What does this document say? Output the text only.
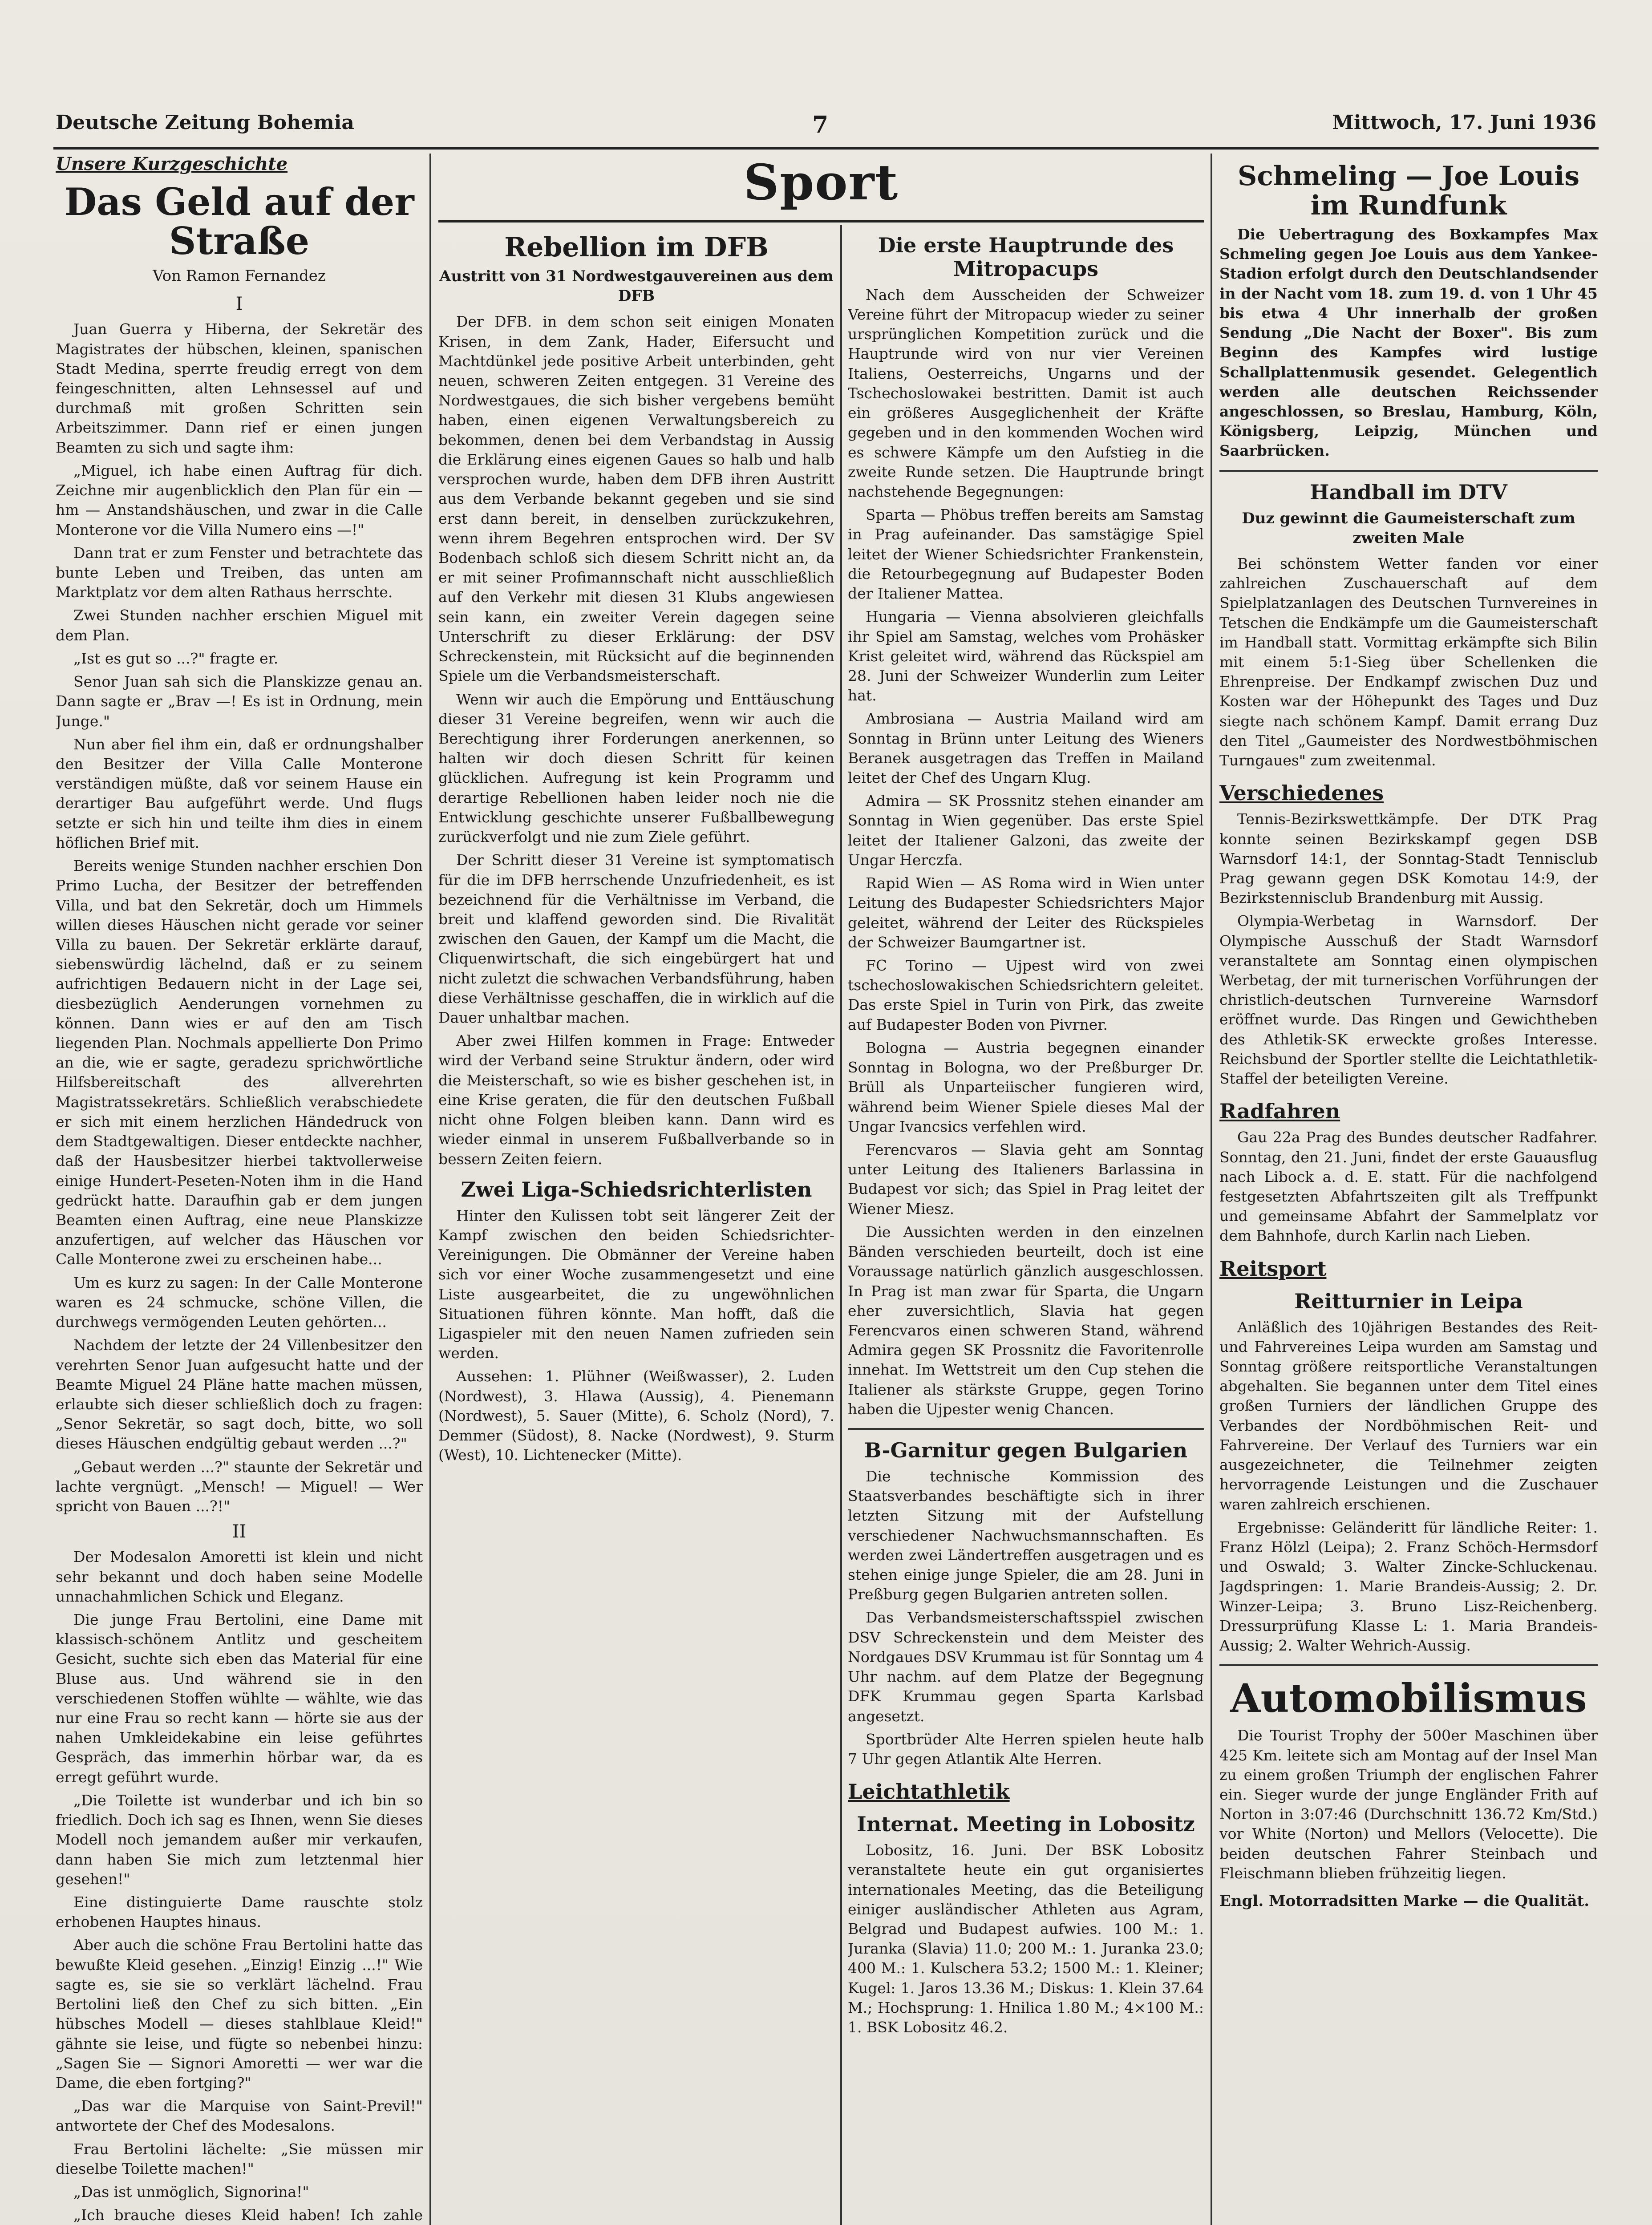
Deutsche Zeitung Bohemia	7	Mittwoch, 17. Juni 1936
Unsere Kurzgeschichte
Das Geld auf der Straße
Von Ramon Fernandez
I
Juan Guerra y Hiberna, der Sekretär des Magistrates der hübschen, kleinen, spanischen Stadt Medina, sperrte freudig erregt von dem feingeschnitten, alten Lehnsessel auf und durchmaß mit großen Schritten sein Arbeitszimmer. Dann rief er einen jungen Beamten zu sich und sagte ihm:
„Miguel, ich habe einen Auftrag für dich. Zeichne mir augenblicklich den Plan für ein — hm — Anstandshäuschen, und zwar in die Calle Monterone vor die Villa Numero eins —!"
Dann trat er zum Fenster und betrachtete das bunte Leben und Treiben, das unten am Marktplatz vor dem alten Rathaus herrschte.
Zwei Stunden nachher erschien Miguel mit dem Plan.
„Ist es gut so ...?" fragte er.
Senor Juan sah sich die Planskizze genau an. Dann sagte er „Brav —! Es ist in Ordnung, mein Junge."
Nun aber fiel ihm ein, daß er ordnungshalber den Besitzer der Villa Calle Monterone verständigen müßte, daß vor seinem Hause ein derartiger Bau aufgeführt werde. Und flugs setzte er sich hin und teilte ihm dies in einem höflichen Brief mit.
Bereits wenige Stunden nachher erschien Don Primo Lucha, der Besitzer der betreffenden Villa, und bat den Sekretär, doch um Himmels willen dieses Häuschen nicht gerade vor seiner Villa zu bauen. Der Sekretär erklärte darauf, siebenswürdig lächelnd, daß er zu seinem aufrichtigen Bedauern nicht in der Lage sei, diesbezüglich Aenderungen vornehmen zu können. Dann wies er auf den am Tisch liegenden Plan. Nochmals appellierte Don Primo an die, wie er sagte, geradezu sprichwörtliche Hilfsbereitschaft des allverehrten Magistratssekretärs. Schließlich verabschiedete er sich mit einem herzlichen Händedruck von dem Stadtgewaltigen. Dieser entdeckte nachher, daß der Hausbesitzer hierbei taktvollerweise einige Hundert-Peseten-Noten ihm in die Hand gedrückt hatte. Daraufhin gab er dem jungen Beamten einen Auftrag, eine neue Planskizze anzufertigen, auf welcher das Häuschen vor Calle Monterone zwei zu erscheinen habe...
Um es kurz zu sagen: In der Calle Monterone waren es 24 schmucke, schöne Villen, die durchwegs vermögenden Leuten gehörten...
Nachdem der letzte der 24 Villenbesitzer den verehrten Senor Juan aufgesucht hatte und der Beamte Miguel 24 Pläne hatte machen müssen, erlaubte sich dieser schließlich doch zu fragen: „Senor Sekretär, so sagt doch, bitte, wo soll dieses Häuschen endgültig gebaut werden ...?"
„Gebaut werden ...?" staunte der Sekretär und lachte vergnügt. „Mensch! — Miguel! — Wer spricht von Bauen ...?!"
II
Der Modesalon Amoretti ist klein und nicht sehr bekannt und doch haben seine Modelle unnachahmlichen Schick und Eleganz.
Die junge Frau Bertolini, eine Dame mit klassisch-schönem Antlitz und gescheitem Gesicht, suchte sich eben das Material für eine Bluse aus. Und während sie in den verschiedenen Stoffen wühlte — wählte, wie das nur eine Frau so recht kann — hörte sie aus der nahen Umkleidekabine ein leise geführtes Gespräch, das immerhin hörbar war, da es erregt geführt wurde.
„Die Toilette ist wunderbar und ich bin so friedlich. Doch ich sag es Ihnen, wenn Sie dieses Modell noch jemandem außer mir verkaufen, dann haben Sie mich zum letztenmal hier gesehen!"
Eine distinguierte Dame rauschte stolz erhobenen Hauptes hinaus.
Aber auch die schöne Frau Bertolini hatte das bewußte Kleid gesehen. „Einzig! Einzig ...!" Wie sagte es, sie sie so verklärt lächelnd. Frau Bertolini ließ den Chef zu sich bitten. „Ein hübsches Modell — dieses stahlblaue Kleid!" gähnte sie leise, und fügte so nebenbei hinzu: „Sagen Sie — Signori Amoretti — wer war die Dame, die eben fortging?"
„Das war die Marquise von Saint-Previl!" antwortete der Chef des Modesalons.
Frau Bertolini lächelte: „Sie müssen mir dieselbe Toilette machen!"
„Das ist unmöglich, Signorina!"
„Ich brauche dieses Kleid haben! Ich zahle
Sport
Rebellion im DFB
Austritt von 31 Nordwestgauvereinen aus dem DFB
Der DFB. in dem schon seit einigen Monaten Krisen, in dem Zank, Hader, Eifersucht und Machtdünkel jede positive Arbeit unterbinden, geht neuen, schweren Zeiten entgegen. 31 Vereine des Nordwestgaues, die sich bisher vergebens bemüht haben, einen eigenen Verwaltungsbereich zu bekommen, denen bei dem Verbandstag in Aussig die Erklärung eines eigenen Gaues so halb und halb versprochen wurde, haben dem DFB ihren Austritt aus dem Verbande bekannt gegeben und sie sind erst dann bereit, in denselben zurückzukehren, wenn ihrem Begehren entsprochen wird. Der SV Bodenbach schloß sich diesem Schritt nicht an, da er mit seiner Profimannschaft nicht ausschließlich auf den Verkehr mit diesen 31 Klubs angewiesen sein kann, ein zweiter Verein dagegen seine Unterschrift zu dieser Erklärung: der DSV Schreckenstein, mit Rücksicht auf die beginnenden Spiele um die Verbandsmeisterschaft.
Wenn wir auch die Empörung und Enttäuschung dieser 31 Vereine begreifen, wenn wir auch die Berechtigung ihrer Forderungen anerkennen, so halten wir doch diesen Schritt für keinen glücklichen. Aufregung ist kein Programm und derartige Rebellionen haben leider noch nie die Entwicklung geschichte unserer Fußballbewegung zurückverfolgt und nie zum Ziele geführt.
Der Schritt dieser 31 Vereine ist symptomatisch für die im DFB herrschende Unzufriedenheit, es ist bezeichnend für die Verhältnisse im Verband, die breit und klaffend geworden sind. Die Rivalität zwischen den Gauen, der Kampf um die Macht, die Cliquenwirtschaft, die sich eingebürgert hat und nicht zuletzt die schwachen Verbandsführung, haben diese Verhältnisse geschaffen, die in wirklich auf die Dauer unhaltbar machen.
Aber zwei Hilfen kommen in Frage: Entweder wird der Verband seine Struktur ändern, oder wird die Meisterschaft, so wie es bisher geschehen ist, in eine Krise geraten, die für den deutschen Fußball nicht ohne Folgen bleiben kann. Dann wird es wieder einmal in unserem Fußballverbande so in bessern Zeiten feiern.
Zwei Liga-Schiedsrichterlisten
Hinter den Kulissen tobt seit längerer Zeit der Kampf zwischen den beiden Schiedsrichter-Vereinigungen. Die Obmänner der Vereine haben sich vor einer Woche zusammengesetzt und eine Liste ausgearbeitet, die zu ungewöhnlichen Situationen führen könnte. Man hofft, daß die Ligaspieler mit den neuen Namen zufrieden sein werden.
Aussehen: 1. Plühner (Weißwasser), 2. Luden (Nordwest), 3. Hlawa (Aussig), 4. Pienemann (Nordwest), 5. Sauer (Mitte), 6. Scholz (Nord), 7. Demmer (Südost), 8. Nacke (Nordwest), 9. Sturm (West), 10. Lichtenecker (Mitte).
Die erste Hauptrunde des Mitropacups
Nach dem Ausscheiden der Schweizer Vereine führt der Mitropacup wieder zu seiner ursprünglichen Kompetition zurück und die Hauptrunde wird von nur vier Vereinen Italiens, Oesterreichs, Ungarns und der Tschechoslowakei bestritten. Damit ist auch ein größeres Ausgeglichenheit der Kräfte gegeben und in den kommenden Wochen wird es schwere Kämpfe um den Aufstieg in die zweite Runde setzen. Die Hauptrunde bringt nachstehende Begegnungen:
Sparta — Phöbus treffen bereits am Samstag in Prag aufeinander. Das samstägige Spiel leitet der Wiener Schiedsrichter Frankenstein, die Retourbegegnung auf Budapester Boden der Italiener Mattea.
Hungaria — Vienna absolvieren gleichfalls ihr Spiel am Samstag, welches vom Prohäsker Krist geleitet wird, während das Rückspiel am 28. Juni der Schweizer Wunderlin zum Leiter hat.
Ambrosiana — Austria Mailand wird am Sonntag in Brünn unter Leitung des Wieners Beranek ausgetragen das Treffen in Mailand leitet der Chef des Ungarn Klug.
Admira — SK Prossnitz stehen einander am Sonntag in Wien gegenüber. Das erste Spiel leitet der Italiener Galzoni, das zweite der Ungar Herczfa.
Rapid Wien — AS Roma wird in Wien unter Leitung des Budapester Schiedsrichters Major geleitet, während der Leiter des Rückspieles der Schweizer Baumgartner ist.
FC Torino — Ujpest wird von zwei tschechoslowakischen Schiedsrichtern geleitet. Das erste Spiel in Turin von Pirk, das zweite auf Budapester Boden von Pivrner.
Bologna — Austria begegnen einander Sonntag in Bologna, wo der Preßburger Dr. Brüll als Unparteiischer fungieren wird, während beim Wiener Spiele dieses Mal der Ungar Ivancsics verfehlen wird.
Ferencvaros — Slavia geht am Sonntag unter Leitung des Italieners Barlassina in Budapest vor sich; das Spiel in Prag leitet der Wiener Miesz.
Die Aussichten werden in den einzelnen Bänden verschieden beurteilt, doch ist eine Voraussage natürlich gänzlich ausgeschlossen. In Prag ist man zwar für Sparta, die Ungarn eher zuversichtlich, Slavia hat gegen Ferencvaros einen schweren Stand, während Admira gegen SK Prossnitz die Favoritenrolle innehat. Im Wettstreit um den Cup stehen die Italiener als stärkste Gruppe, gegen Torino haben die Ujpester wenig Chancen.
B-Garnitur gegen Bulgarien
Die technische Kommission des Staatsverbandes beschäftigte sich in ihrer letzten Sitzung mit der Aufstellung verschiedener Nachwuchsmannschaften. Es werden zwei Ländertreffen ausgetragen und es stehen einige junge Spieler, die am 28. Juni in Preßburg gegen Bulgarien antreten sollen.
Das Verbandsmeisterschaftsspiel zwischen DSV Schreckenstein und dem Meister des Nordgaues DSV Krummau ist für Sonntag um 4 Uhr nachm. auf dem Platze der Begegnung DFK Krummau gegen Sparta Karlsbad angesetzt.
Sportbrüder Alte Herren spielen heute halb 7 Uhr gegen Atlantik Alte Herren.
Leichtathletik
Internat. Meeting in Lobositz
Lobositz, 16. Juni. Der BSK Lobositz veranstaltete heute ein gut organisiertes internationales Meeting, das die Beteiligung einiger ausländischer Athleten aus Agram, Belgrad und Budapest aufwies. 100 M.: 1. Juranka (Slavia) 11.0; 200 M.: 1. Juranka 23.0; 400 M.: 1. Kulschera 53.2; 1500 M.: 1. Kleiner; Kugel: 1. Jaros 13.36 M.; Diskus: 1. Klein 37.64 M.; Hochsprung: 1. Hnilica 1.80 M.; 4×100 M.: 1. BSK Lobositz 46.2.
Schmeling — Joe Louis im Rundfunk
Die Uebertragung des Boxkampfes Max Schmeling gegen Joe Louis aus dem Yankee-Stadion erfolgt durch den Deutschlandsender in der Nacht vom 18. zum 19. d. von 1 Uhr 45 bis etwa 4 Uhr innerhalb der großen Sendung „Die Nacht der Boxer". Bis zum Beginn des Kampfes wird lustige Schallplattenmusik gesendet. Gelegentlich werden alle deutschen Reichssender angeschlossen, so Breslau, Hamburg, Köln, Königsberg, Leipzig, München und Saarbrücken.
Handball im DTV
Duz gewinnt die Gaumeisterschaft zum zweiten Male
Bei schönstem Wetter fanden vor einer zahlreichen Zuschauerschaft auf dem Spielplatzanlagen des Deutschen Turnvereines in Tetschen die Endkämpfe um die Gaumeisterschaft im Handball statt. Vormittag erkämpfte sich Bilin mit einem 5:1-Sieg über Schellenken die Ehrenpreise. Der Endkampf zwischen Duz und Kosten war der Höhepunkt des Tages und Duz siegte nach schönem Kampf. Damit errang Duz den Titel „Gaumeister des Nordwestböhmischen Turngaues" zum zweitenmal.
Verschiedenes
Tennis-Bezirkswettkämpfe. Der DTK Prag konnte seinen Bezirkskampf gegen DSB Warnsdorf 14:1, der Sonntag-Stadt Tennisclub Prag gewann gegen DSK Komotau 14:9, der Bezirkstennisclub Brandenburg mit Aussig.
Olympia-Werbetag in Warnsdorf. Der Olympische Ausschuß der Stadt Warnsdorf veranstaltete am Sonntag einen olympischen Werbetag, der mit turnerischen Vorführungen der christlich-deutschen Turnvereine Warnsdorf eröffnet wurde. Das Ringen und Gewichtheben des Athletik-SK erweckte großes Interesse. Reichsbund der Sportler stellte die Leichtathletik-Staffel der beteiligten Vereine.
Radfahren
Gau 22a Prag des Bundes deutscher Radfahrer. Sonntag, den 21. Juni, findet der erste Gauausflug nach Libock a. d. E. statt. Für die nachfolgend festgesetzten Abfahrtszeiten gilt als Treffpunkt und gemeinsame Abfahrt der Sammelplatz vor dem Bahnhofe, durch Karlin nach Lieben.
Reitsport
Reitturnier in Leipa
Anläßlich des 10jährigen Bestandes des Reit- und Fahrvereines Leipa wurden am Samstag und Sonntag größere reitsportliche Veranstaltungen abgehalten. Sie begannen unter dem Titel eines großen Turniers der ländlichen Gruppe des Verbandes der Nordböhmischen Reit- und Fahrvereine. Der Verlauf des Turniers war ein ausgezeichneter, die Teilnehmer zeigten hervorragende Leistungen und die Zuschauer waren zahlreich erschienen.
Ergebnisse: Geländeritt für ländliche Reiter: 1. Franz Hölzl (Leipa); 2. Franz Schöch-Hermsdorf und Oswald; 3. Walter Zincke-Schluckenau. Jagdspringen: 1. Marie Brandeis-Aussig; 2. Dr. Winzer-Leipa; 3. Bruno Lisz-Reichenberg. Dressurprüfung Klasse L: 1. Maria Brandeis-Aussig; 2. Walter Wehrich-Aussig.
Automobilismus
Die Tourist Trophy der 500er Maschinen über 425 Km. leitete sich am Montag auf der Insel Man zu einem großen Triumph der englischen Fahrer ein. Sieger wurde der junge Engländer Frith auf Norton in 3:07:46 (Durchschnitt 136.72 Km/Std.) vor White (Norton) und Mellors (Velocette). Die beiden deutschen Fahrer Steinbach und Fleischmann blieben frühzeitig liegen.
Engl. Motorradsitten Marke — die Qualität.
